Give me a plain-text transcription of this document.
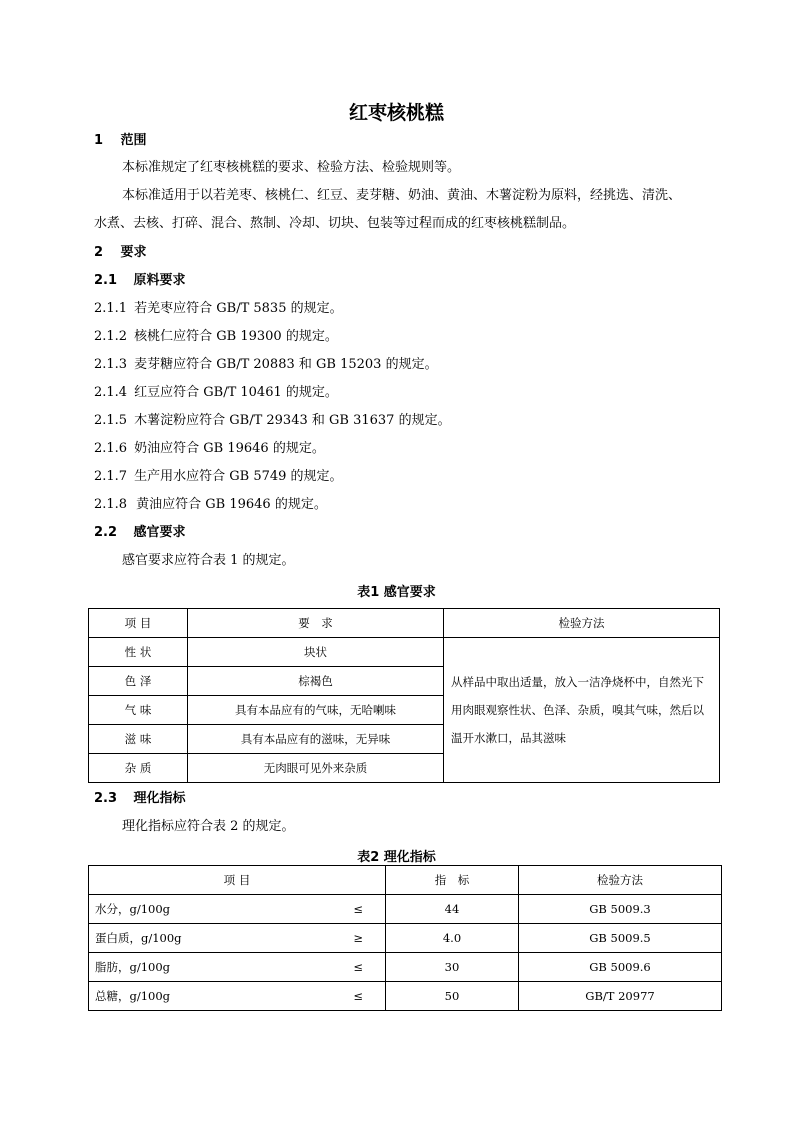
红枣核桃糕
1 范围
本标准规定了红枣核桃糕的要求、检验方法、检验规则等。
本标准适用于以若羌枣、核桃仁、红豆、麦芽糖、奶油、黄油、木薯淀粉为原料，经挑选、清洗、
水煮、去核、打碎、混合、熬制、冷却、切块、包装等过程而成的红枣核桃糕制品。
2 要求
2.1 原料要求
2.1.1 若羌枣应符合 GB/T 5835 的规定。
2.1.2 核桃仁应符合 GB 19300 的规定。
2.1.3 麦芽糖应符合 GB/T 20883 和 GB 15203 的规定。
2.1.4 红豆应符合 GB/T 10461 的规定。
2.1.5 木薯淀粉应符合 GB/T 29343 和 GB 31637 的规定。
2.1.6 奶油应符合 GB 19646 的规定。
2.1.7 生产用水应符合 GB 5749 的规定。
2.1.8 黄油应符合 GB 19646 的规定。
2.2 感官要求
感官要求应符合表 1 的规定。
表1 感官要求
项 目	要　求	检验方法
性 状	块状	从样品中取出适量，放入一洁净烧杯中，自然光下
用肉眼观察性状、色泽、杂质，嗅其气味，然后以
温开水漱口，品其滋味

色 泽	棕褐色	
气 味	具有本品应有的气味，无哈喇味	
滋 味	具有本品应有的滋味，无异味	
杂 质	无肉眼可见外来杂质	
2.3 理化指标
理化指标应符合表 2 的规定。
表2 理化指标
项 目	指　标	检验方法
水分，g/100g ≤	44	GB 5009.3
蛋白质，g/100g ≥	4.0	GB 5009.5
脂肪，g/100g ≤	30	GB 5009.6
总糖，g/100g ≤	50	GB/T 20977
